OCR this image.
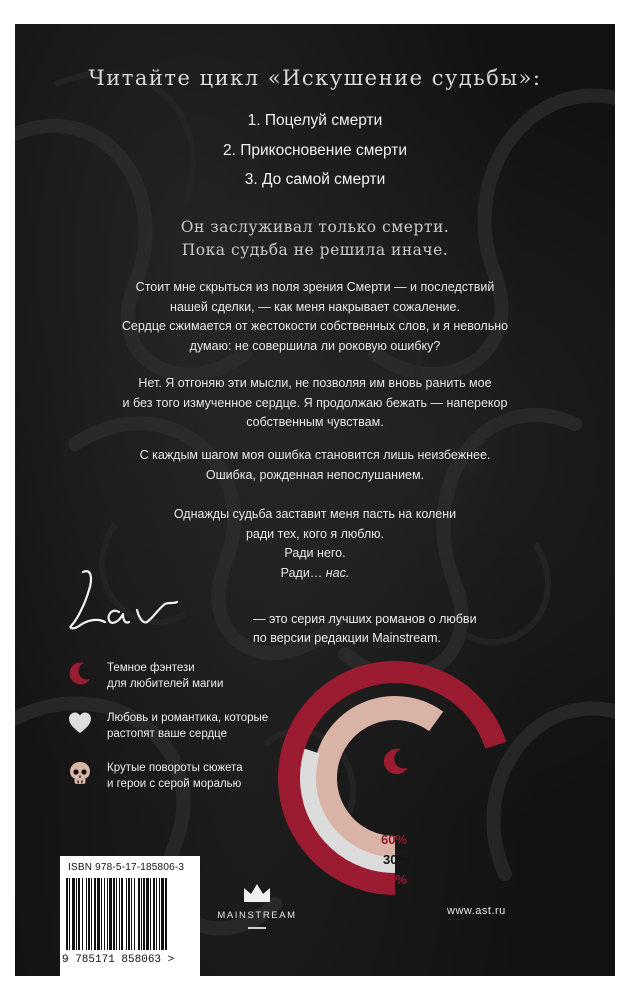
Читайте цикл «Искушение судьбы»:
1. Поцелуй смерти
2. Прикосновение смерти
3. До самой смерти
Он заслуживал только смерти.
Пока судьба не решила иначе.
Стоит мне скрыться из поля зрения Смерти — и последствий
нашей сделки, — как меня накрывает сожаление.
Сердце сжимается от жестокости собственных слов, и я невольно
думаю: не совершила ли роковую ошибку?
Нет. Я отгоняю эти мысли, не позволяя им вновь ранить мое
и без того измученное сердце. Я продолжаю бежать — наперекор
собственным чувствам.
С каждым шагом моя ошибка становится лишь неизбежнее.
Ошибка, рожденная непослушанием.
Однажды судьба заставит меня пасть на колени
ради тех, кого я люблю.
Ради него.
Ради… нас.
— это серия лучших романов о любви
по версии редакции Mainstream.
Темное фэнтези
для любителей магии
Любовь и романтика, которые
растопят ваше сердце
Крутые повороты сюжета
и герои с серой моралью
60%
30%
70%
ISBN 978-5-17-185806-3
9 785171 858063 >
MAINSTREAM	www.ast.ru
